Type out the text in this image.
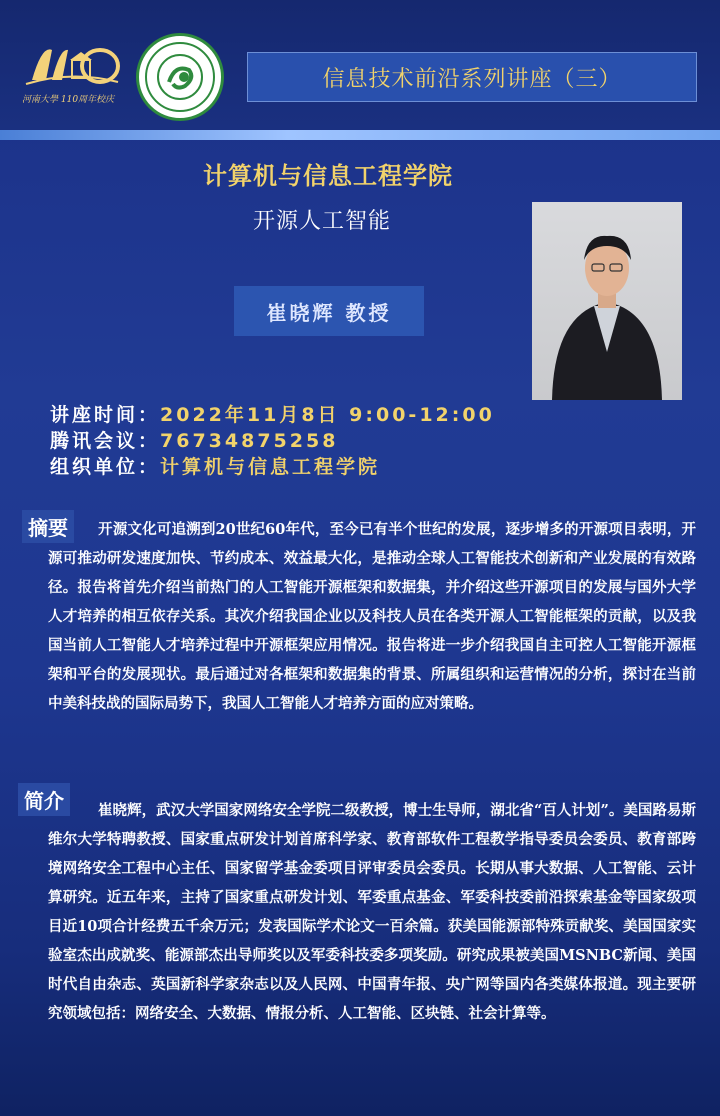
河南大學 110周年校庆
信息技术前沿系列讲座（三）
计算机与信息工程学院
开源人工智能
崔晓辉 教授
讲座时间：2022年11月8日 9:00-12:00
腾讯会议：76734875258
组织单位：计算机与信息工程学院
摘要	开源文化可追溯到20世纪60年代，至今已有半个世纪的发展，逐步增多的开源项目表明，开源可推动研发速度加快、节约成本、效益最大化，是推动全球人工智能技术创新和产业发展的有效路径。报告将首先介绍当前热门的人工智能开源框架和数据集，并介绍这些开源项目的发展与国外大学人才培养的相互依存关系。其次介绍我国企业以及科技人员在各类开源人工智能框架的贡献，以及我国当前人工智能人才培养过程中开源框架应用情况。报告将进一步介绍我国自主可控人工智能开源框架和平台的发展现状。最后通过对各框架和数据集的背景、所属组织和运营情况的分析，探讨在当前中美科技战的国际局势下，我国人工智能人才培养方面的应对策略。
简介	崔晓辉，武汉大学国家网络安全学院二级教授，博士生导师，湖北省“百人计划”。美国路易斯维尔大学特聘教授、国家重点研发计划首席科学家、教育部软件工程教学指导委员会委员、教育部跨境网络安全工程中心主任、国家留学基金委项目评审委员会委员。长期从事大数据、人工智能、云计算研究。近五年来，主持了国家重点研发计划、军委重点基金、军委科技委前沿探索基金等国家级项目近10项合计经费五千余万元；发表国际学术论文一百余篇。获美国能源部特殊贡献奖、美国国家实验室杰出成就奖、能源部杰出导师奖以及军委科技委多项奖励。研究成果被美国MSNBC新闻、美国时代自由杂志、英国新科学家杂志以及人民网、中国青年报、央广网等国内各类媒体报道。现主要研究领域包括：网络安全、大数据、情报分析、人工智能、区块链、社会计算等。
